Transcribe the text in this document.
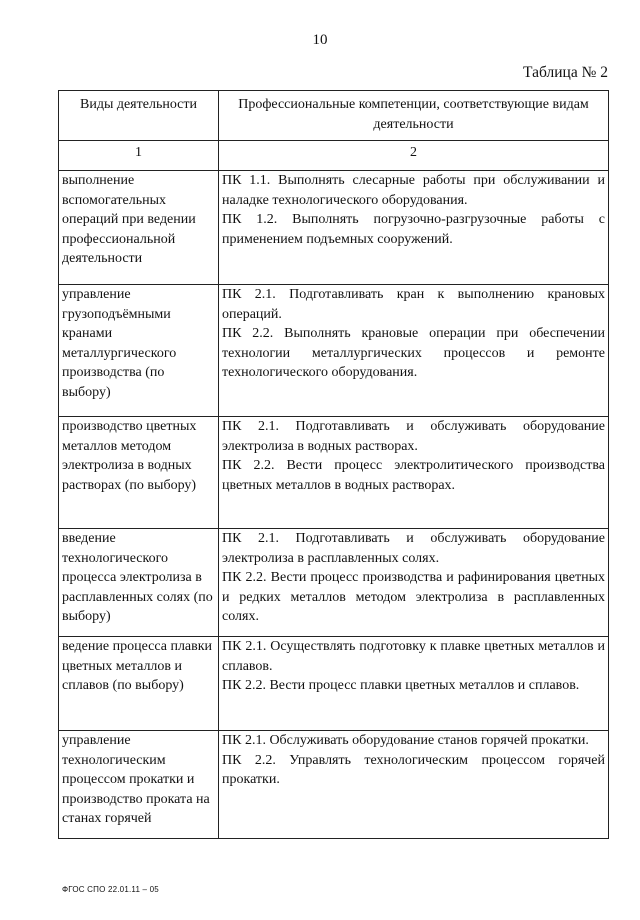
10
Таблица № 2
Виды деятельности	Профессиональные компетенции, соответствующие видам деятельности
1	2
выполнение вспомогательных операций при ведении профессиональной деятельности	ПК 1.1. Выполнять слесарные работы при обслуживании и наладке технологического оборудования.
ПК 1.2. Выполнять погрузочно-разгрузочные работы с применением подъемных сооружений.

управление грузоподъёмными кранами металлургического производства (по выбору)	ПК 2.1. Подготавливать кран к выполнению крановых операций.
ПК 2.2. Выполнять крановые операции при обеспечении технологии металлургических процессов и ремонте технологического оборудования.

производство цветных металлов методом электролиза в водных растворах (по выбору)	ПК 2.1. Подготавливать и обслуживать оборудование электролиза в водных растворах.
ПК 2.2. Вести процесс электролитического производства цветных металлов в водных растворах.

введение технологического процесса электролиза в расплавленных солях (по выбору)	ПК 2.1. Подготавливать и обслуживать оборудование электролиза в расплавленных солях.
ПК 2.2. Вести процесс производства и рафинирования цветных и редких металлов методом электролиза в расплавленных солях.

ведение процесса плавки цветных металлов и сплавов (по выбору)	ПК 2.1. Осуществлять подготовку к плавке цветных металлов и сплавов.
ПК 2.2. Вести процесс плавки цветных металлов и сплавов.

управление технологическим процессом прокатки и производство проката на станах горячей	ПК 2.1. Обслуживать оборудование станов горячей прокатки.
ПК 2.2. Управлять технологическим процессом горячей прокатки.
ФГОС СПО 22.01.11 – 05
